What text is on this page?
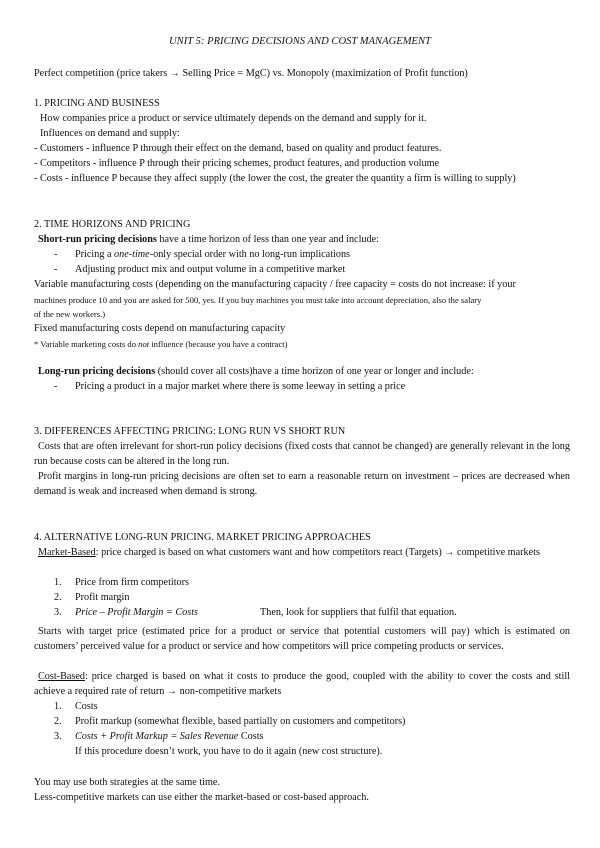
UNIT 5: PRICING DECISIONS AND COST MANAGEMENT
Perfect competition (price takers → Selling Price = MgC) vs. Monopoly (maximization of Profit function)
1. PRICING AND BUSINESS
How companies price a product or service ultimately depends on the demand and supply for it.
Influences on demand and supply:
- Customers - influence P through their effect on the demand, based on quality and product features.
- Competitors - influence P through their pricing schemes, product features, and production volume
- Costs - influence P because they affect supply (the lower the cost, the greater the quantity a firm is willing to supply)
2. TIME HORIZONS AND PRICING
Short-run pricing decisions have a time horizon of less than one year and include:
- Pricing a one-time-only special order with no long-run implications
- Adjusting product mix and output volume in a competitive market
Variable manufacturing costs (depending on the manufacturing capacity / free capacity = costs do not increase: if your
machines produce 10 and you are asked for 500, yes. If you buy machines you must take into account depreciation, also the salary
of the new workers.)
Fixed manufacturing costs depend on manufacturing capacity
* Variable marketing costs do not influence (because you have a contract)
Long-run pricing decisions (should cover all costs)have a time horizon of one year or longer and include:
- Pricing a product in a major market where there is some leeway in setting a price
3. DIFFERENCES AFFECTING PRICING: LONG RUN VS SHORT RUN
Costs that are often irrelevant for short-run policy decisions (fixed costs that cannot be changed) are generally relevant in the long run because costs can be altered in the long run.
Profit margins in long-run pricing decisions are often set to earn a reasonable return on investment – prices are decreased when demand is weak and increased when demand is strong.
4. ALTERNATIVE LONG-RUN PRICING. MARKET PRICING APPROACHES
Market-Based: price charged is based on what customers want and how competitors react (Targets) → competitive markets
1. Price from firm competitors
2. Profit margin
3. Price – Profit Margin = Costs	Then, look for suppliers that fulfil that equation.
Starts with target price (estimated price for a product or service that potential customers will pay) which is estimated on customers’ perceived value for a product or service and how competitors will price competing products or services.
Cost-Based: price charged is based on what it costs to produce the good, coupled with the ability to cover the costs and still achieve a required rate of return → non-competitive markets
1. Costs
2. Profit markup (somewhat flexible, based partially on customers and competitors)
3. Costs + Profit Markup = Sales Revenue Costs
If this procedure doesn’t work, you have to do it again (new cost structure).
You may use both strategies at the same time.
Less-competitive markets can use either the market-based or cost-based approach.
